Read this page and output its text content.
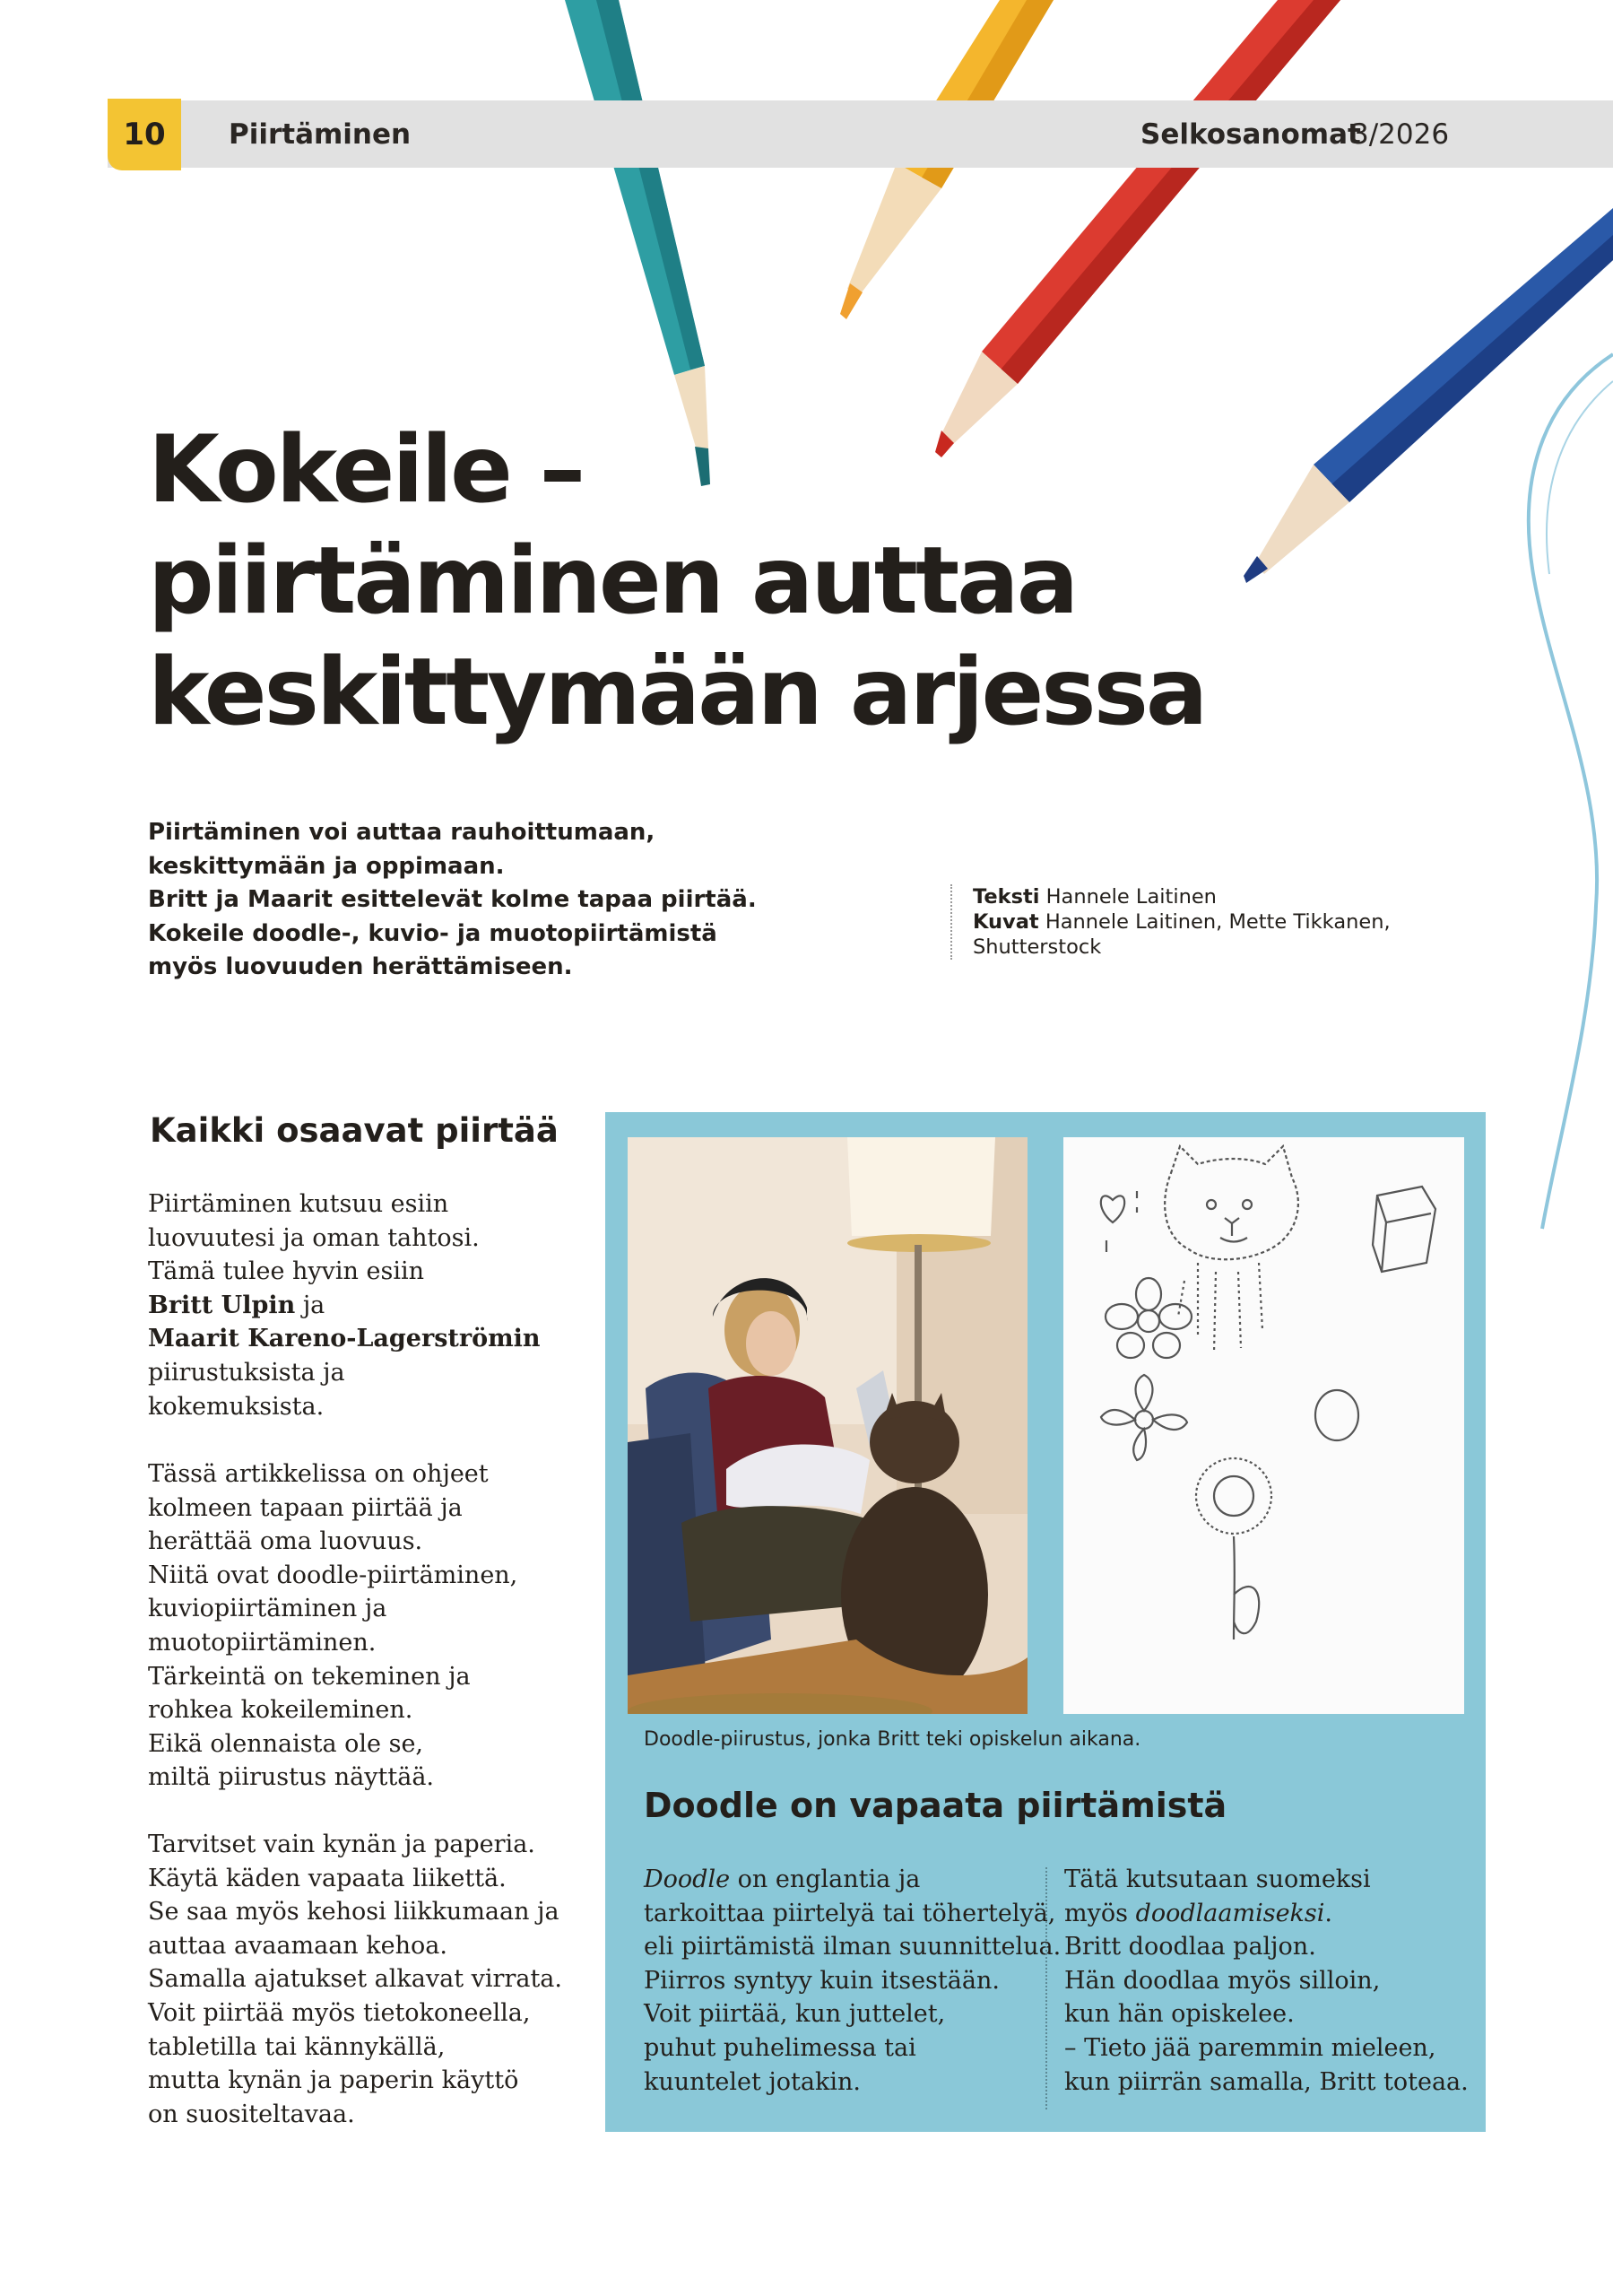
10	Piirtäminen	Selkosanomat
3/2026
Kokeile –
piirtäminen auttaa
keskittymään arjessa
Piirtäminen voi auttaa rauhoittumaan,
keskittymään ja oppimaan.
Britt ja Maarit esittelevät kolme tapaa piirtää.
Kokeile doodle-, kuvio- ja muotopiirtämistä
myös luovuuden herättämiseen.
Teksti Hannele Laitinen
Kuvat Hannele Laitinen, Mette Tikkanen,
Shutterstock
Kaikki osaavat piirtää
Piirtäminen kutsuu esiin
luovuutesi ja oman tahtosi.
Tämä tulee hyvin esiin
Britt Ulpin ja
Maarit Kareno-Lagerströmin
piirustuksista ja
kokemuksista.
Tässä artikkelissa on ohjeet
kolmeen tapaan piirtää ja
herättää oma luovuus.
Niitä ovat doodle-piirtäminen,
kuviopiirtäminen ja
muotopiirtäminen.
Tärkeintä on tekeminen ja
rohkea kokeileminen.
Eikä olennaista ole se,
miltä piirustus näyttää.
Tarvitset vain kynän ja paperia.
Käytä käden vapaata liikettä.
Se saa myös kehosi liikkumaan ja
auttaa avaamaan kehoa.
Samalla ajatukset alkavat virrata.
Voit piirtää myös tietokoneella,
tabletilla tai kännykällä,
mutta kynän ja paperin käyttö
on suositeltavaa.
Doodle-piirustus, jonka Britt teki opiskelun aikana.
Doodle on vapaata piirtämistä
Doodle on englantia ja
tarkoittaa piirtelyä tai töhertelyä,
eli piirtämistä ilman suunnittelua.
Piirros syntyy kuin itsestään.
Voit piirtää, kun juttelet,
puhut puhelimessa tai
kuuntelet jotakin.
Tätä kutsutaan suomeksi
myös doodlaamiseksi.
Britt doodlaa paljon.
Hän doodlaa myös silloin,
kun hän opiskelee.
– Tieto jää paremmin mieleen,
kun piirrän samalla, Britt toteaa.
